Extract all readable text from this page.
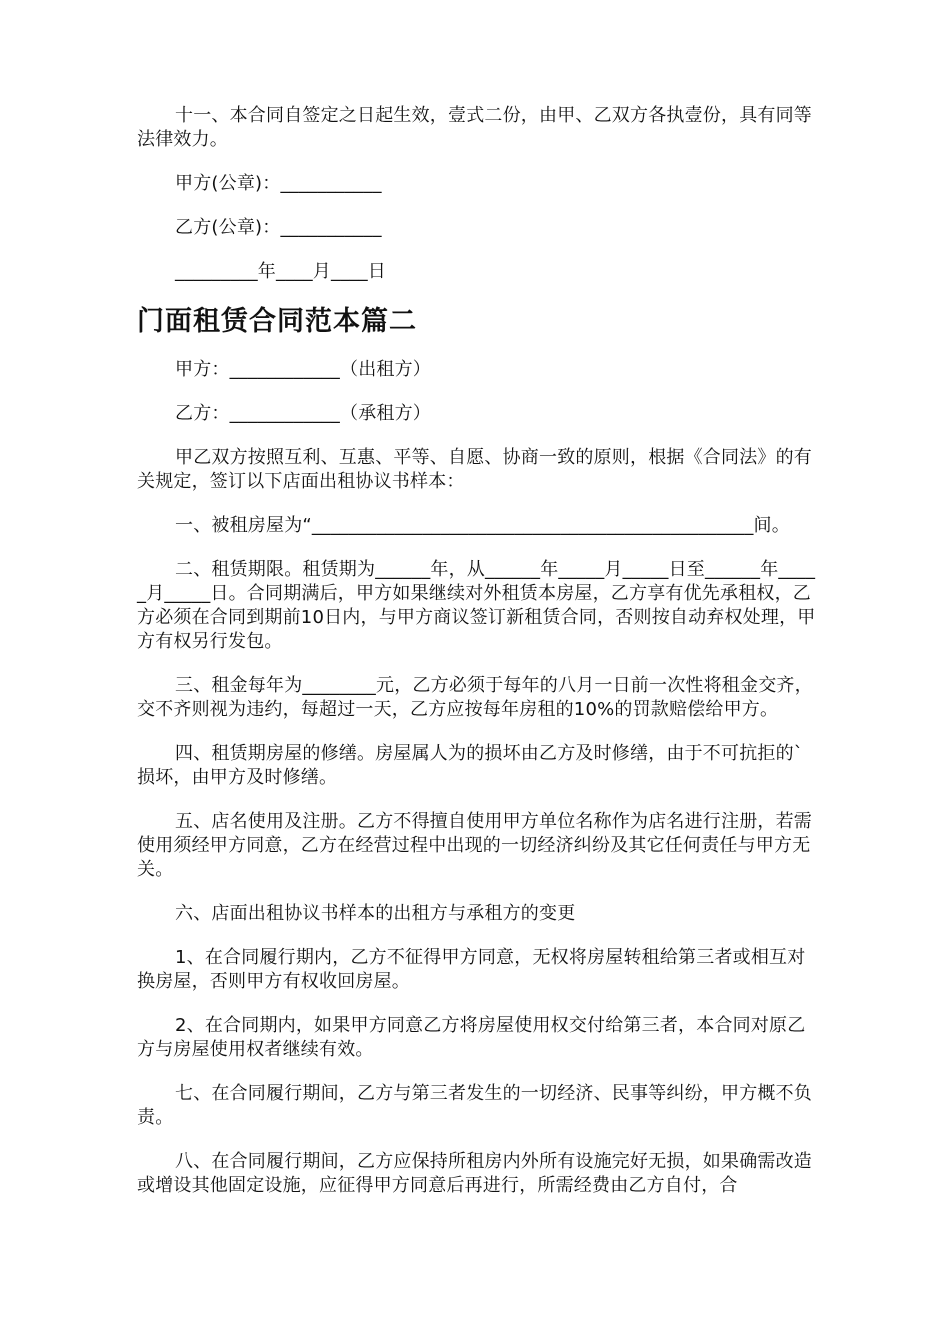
十一、本合同自签定之日起生效，壹式二份，由甲、乙双方各执壹份，具有同等法律效力。

甲方(公章)：___________

乙方(公章)：___________

_________年____月____日

门面租赁合同范本篇二

甲方：____________（出租方）

乙方：____________（承租方）

甲乙双方按照互利、互惠、平等、自愿、协商一致的原则，根据《合同法》的有关规定，签订以下店面出租协议书样本：

一、被租房屋为“________________________________________________间。

二、租赁期限。租赁期为______年，从______年_____月_____日至______年_____月_____日。合同期满后，甲方如果继续对外租赁本房屋，乙方享有优先承租权，乙方必须在合同到期前10日内，与甲方商议签订新租赁合同，否则按自动弃权处理，甲方有权另行发包。

三、租金每年为________元，乙方必须于每年的八月一日前一次性将租金交齐，交不齐则视为违约，每超过一天，乙方应按每年房租的10%的罚款赔偿给甲方。

四、租赁期房屋的修缮。房屋属人为的损坏由乙方及时修缮，由于不可抗拒的`损坏，由甲方及时修缮。

五、店名使用及注册。乙方不得擅自使用甲方单位名称作为店名进行注册，若需使用须经甲方同意，乙方在经营过程中出现的一切经济纠纷及其它任何责任与甲方无关。

六、店面出租协议书样本的出租方与承租方的变更

1、在合同履行期内，乙方不征得甲方同意，无权将房屋转租给第三者或相互对换房屋，否则甲方有权收回房屋。

2、在合同期内，如果甲方同意乙方将房屋使用权交付给第三者，本合同对原乙方与房屋使用权者继续有效。

七、在合同履行期间，乙方与第三者发生的一切经济、民事等纠纷，甲方概不负责。

八、在合同履行期间，乙方应保持所租房内外所有设施完好无损，如果确需改造或增设其他固定设施，应征得甲方同意后再进行，所需经费由乙方自付，合
